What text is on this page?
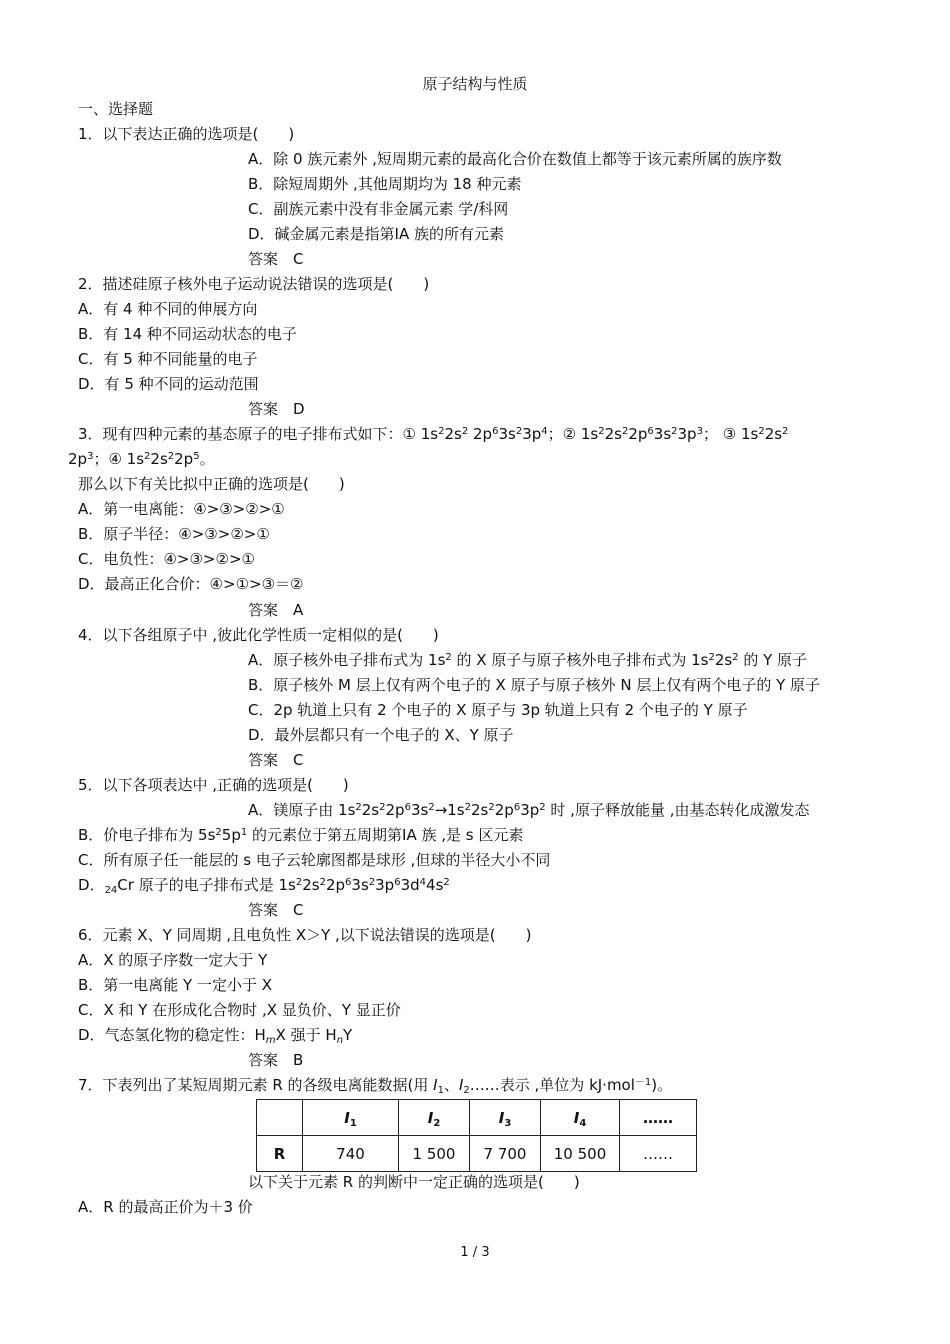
原子结构与性质
一、选择题
1．以下表达正确的选项是(　　)
A．除 0 族元素外 ,短周期元素的最高化合价在数值上都等于该元素所属的族序数
B．除短周期外 ,其他周期均为 18 种元素
C．副族元素中没有非金属元素 学/科网
D．碱金属元素是指第ⅠA 族的所有元素
答案　C
2．描述硅原子核外电子运动说法错误的选项是(　　)
A．有 4 种不同的伸展方向
B．有 14 种不同运动状态的电子
C．有 5 种不同能量的电子
D．有 5 种不同的运动范围
答案　D
3．现有四种元素的基态原子的电子排布式如下：① $1s^22s^2$ $2p^63s^23p^4$；② $1s^22s^22p^63s^23p^3$； ③ $1s^22s^2$
$2p^3$；④ $1s^22s^22p^5$。
那么以下有关比拟中正确的选项是(　　)
A．第一电离能：④>③>②>①
B．原子半径：④>③>②>①
C．电负性：④>③>②>①
D．最高正化合价：④>①>③＝②
答案　A
4．以下各组原子中 ,彼此化学性质一定相似的是(　　)
A．原子核外电子排布式为 $1s^2$ 的 X 原子与原子核外电子排布式为 $1s^22s^2$ 的 Y 原子
B．原子核外 M 层上仅有两个电子的 X 原子与原子核外 N 层上仅有两个电子的 Y 原子
C．2p 轨道上只有 2 个电子的 X 原子与 3p 轨道上只有 2 个电子的 Y 原子
D．最外层都只有一个电子的 X、Y 原子
答案　C
5．以下各项表达中 ,正确的选项是(　　)
A．镁原子由 $1s^22s^22p^63s^2\to 1s^22s^22p^63p^2$ 时 ,原子释放能量 ,由基态转化成激发态
B．价电子排布为 $5s^25p^1$ 的元素位于第五周期第ⅠA 族 ,是 s 区元素
C．所有原子任一能层的 s 电子云轮廓图都是球形 ,但球的半径大小不同
D．$_{24}$Cr 原子的电子排布式是 $1s^22s^22p^63s^23p^63d^44s^2$
答案　C
6．元素 X、Y 同周期 ,且电负性 X＞Y ,以下说法错误的选项是(　　)
A．X 的原子序数一定大于 Y
B．第一电离能 Y 一定小于 X
C．X 和 Y 在形成化合物时 ,X 显负价、Y 显正价
D．气态氢化物的稳定性：$H_mX$ 强于 $H_nY$
答案　B
7．下表列出了某短周期元素 R 的各级电离能数据(用 $I_1$、$I_2\dots\dots$表示 ,单位为 kJ·mol$^{-1}$)。
	$I_1$	$I_2$	$I_3$	$I_4$	……
R	740	1 500	7 700	10 500	……
以下关于元素 R 的判断中一定正确的选项是(　　)
A．R 的最高正价为＋3 价
1 / 3
